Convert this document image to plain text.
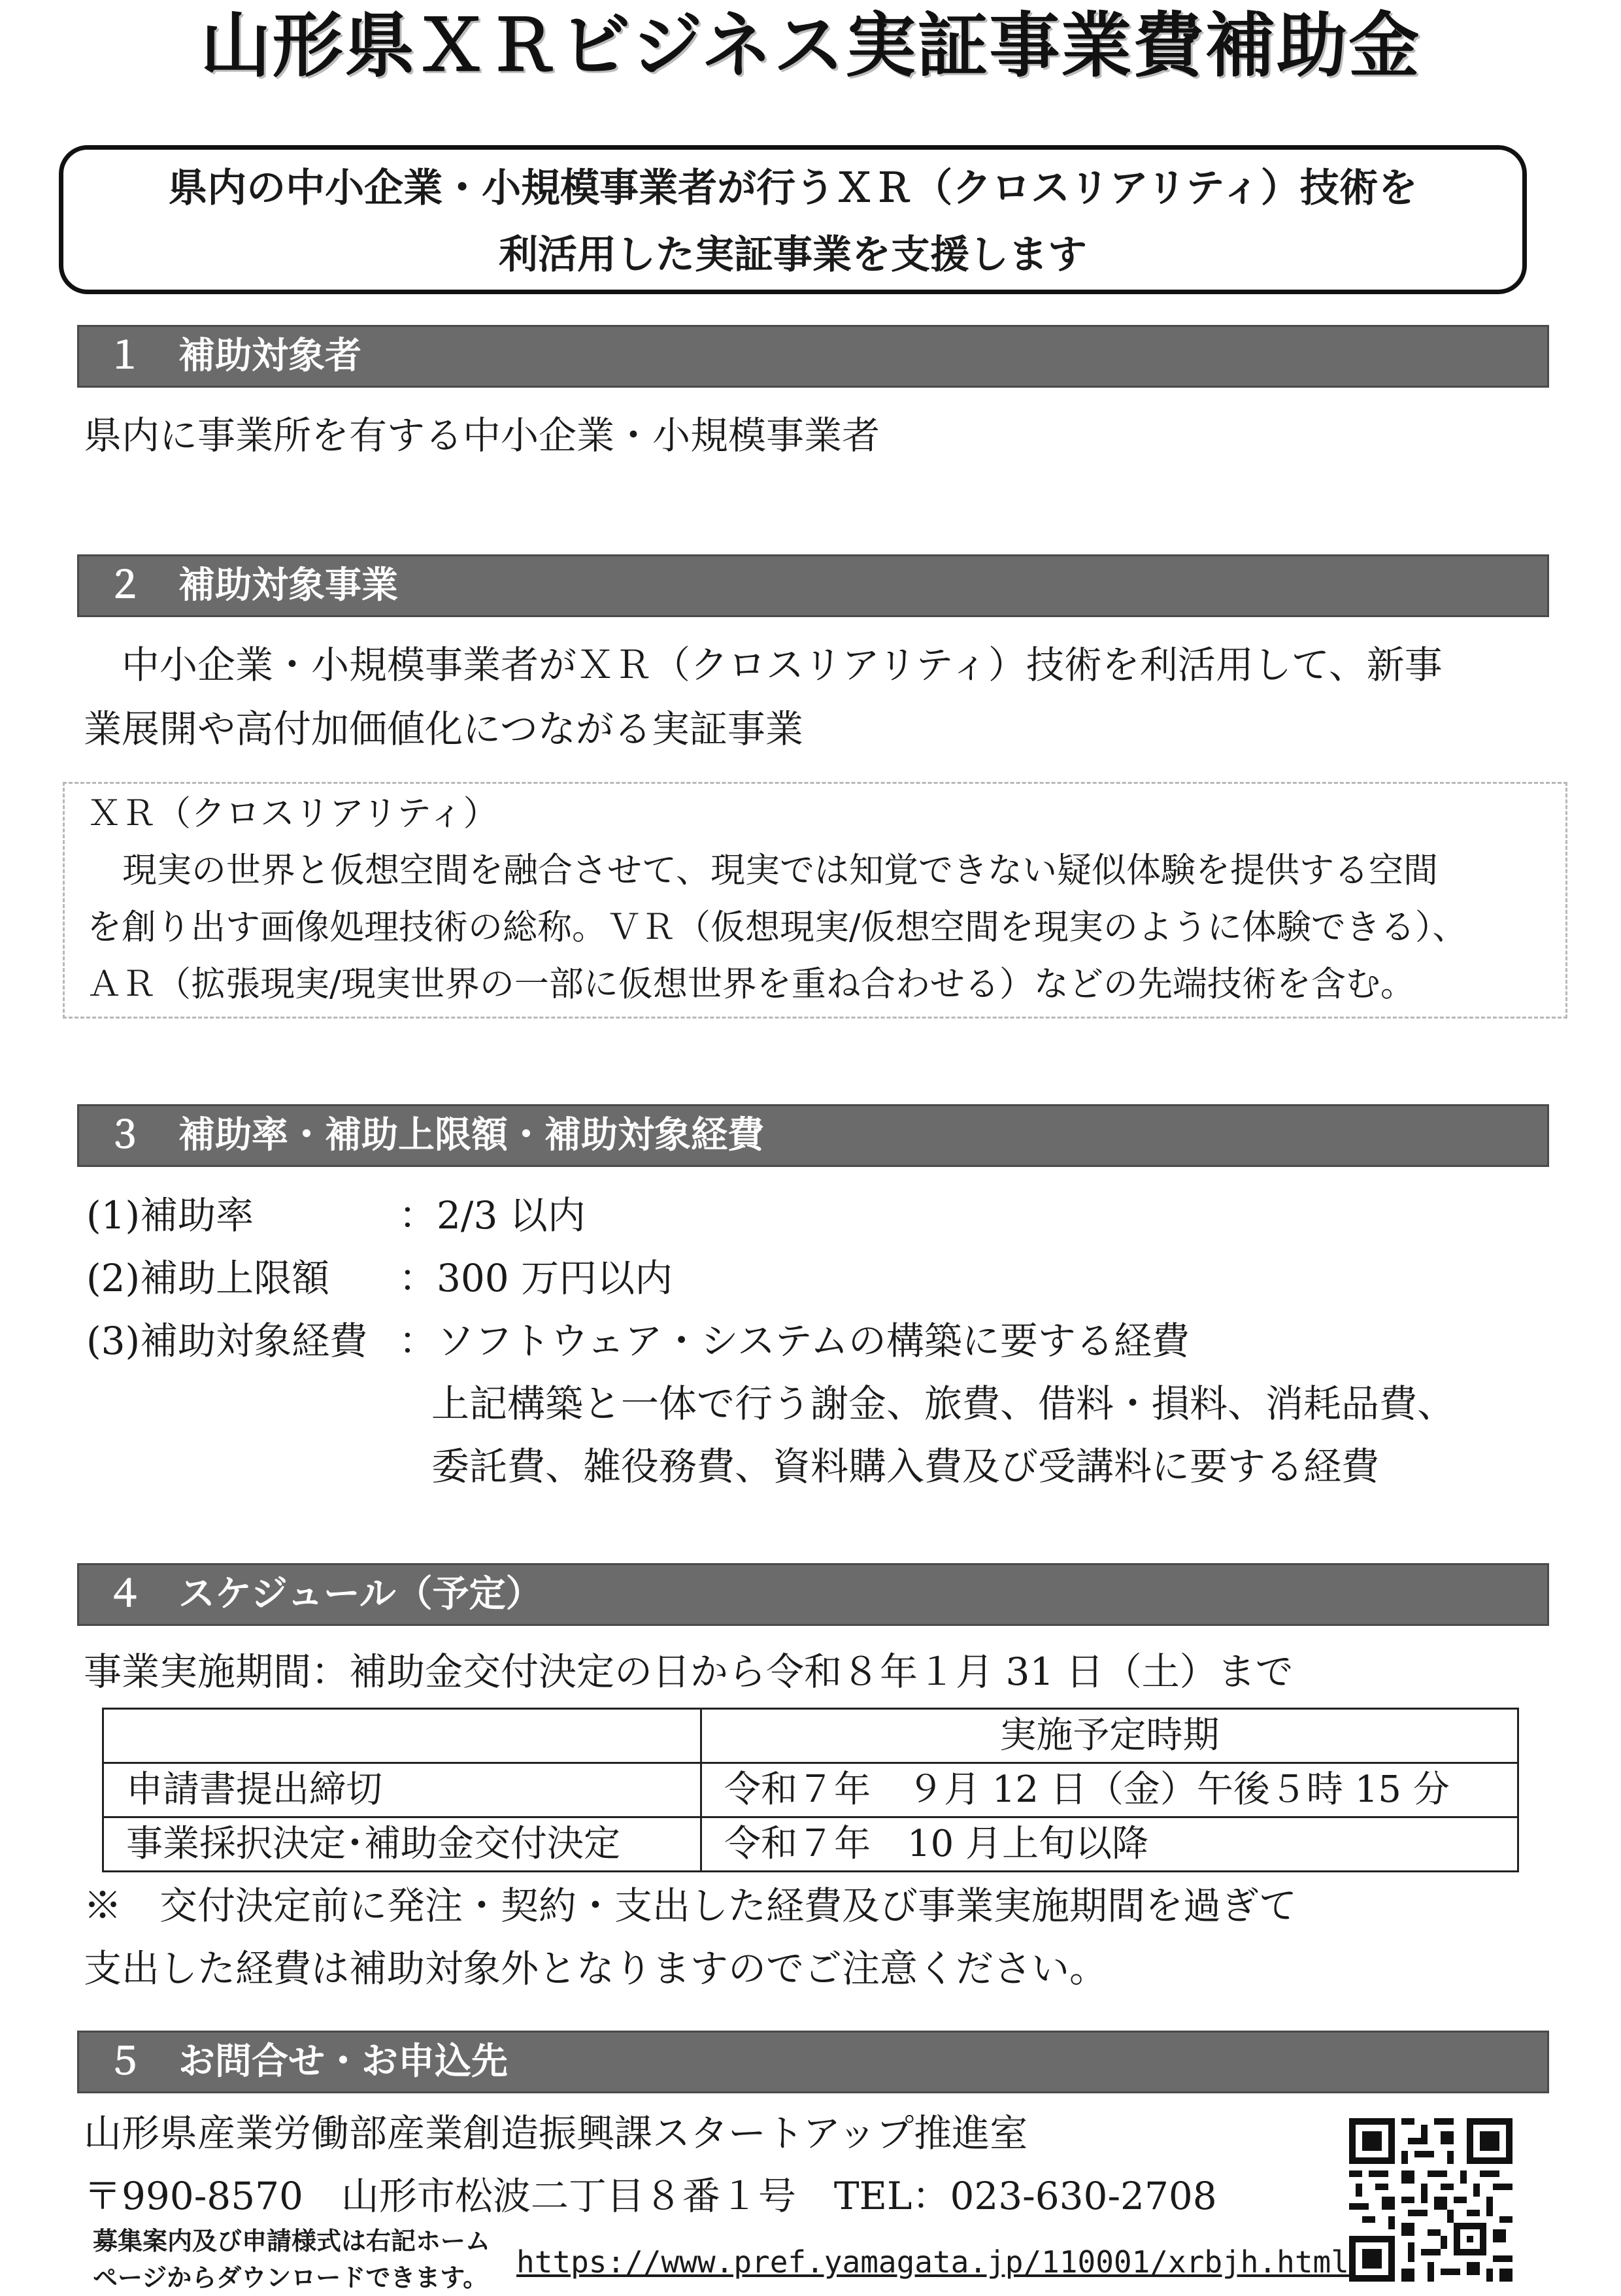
山形県ＸＲビジネス実証事業費補助金
県内の中小企業・小規模事業者が行うＸＲ（クロスリアリティ）技術を
利活用した実証事業を支援します
１ 補助対象者
県内に事業所を有する中小企業・小規模事業者
２ 補助対象事業
中小企業・小規模事業者がＸＲ（クロスリアリティ）技術を利活用して、新事
業展開や高付加価値化につながる実証事業
ＸＲ（クロスリアリティ）
現実の世界と仮想空間を融合させて、現実では知覚できない疑似体験を提供する空間
を創り出す画像処理技術の総称。ＶＲ（仮想現実/仮想空間を現実のように体験できる）、
ＡＲ（拡張現実/現実世界の一部に仮想世界を重ね合わせる）などの先端技術を含む。
３ 補助率・補助上限額・補助対象経費
(1)補助率	：2/3 以内
(2)補助上限額 ：300 万円以内
(3)補助対象経費 ：ソフトウェア・システムの構築に要する経費
上記構築と一体で行う謝金、旅費、借料・損料、消耗品費、
委託費、雑役務費、資料購入費及び受講料に要する経費
４ スケジュール（予定）
事業実施期間：補助金交付決定の日から令和８年１月 31 日（土）まで
	実施予定時期
申請書提出締切	令和７年　９月 12 日（金）午後５時 15 分
事業採択決定･補助金交付決定	令和７年　10 月上旬以降
※　交付決定前に発注・契約・支出した経費及び事業実施期間を過ぎて
支出した経費は補助対象外となりますのでご注意ください。
５ お問合せ・お申込先
山形県産業労働部産業創造振興課スタートアップ推進室
〒990-8570　山形市松波二丁目８番１号　TEL：023-630-2708
募集案内及び申請様式は右記ホーム
ページからダウンロードできます。 https://www.pref.yamagata.jp/110001/xrbjh.html
